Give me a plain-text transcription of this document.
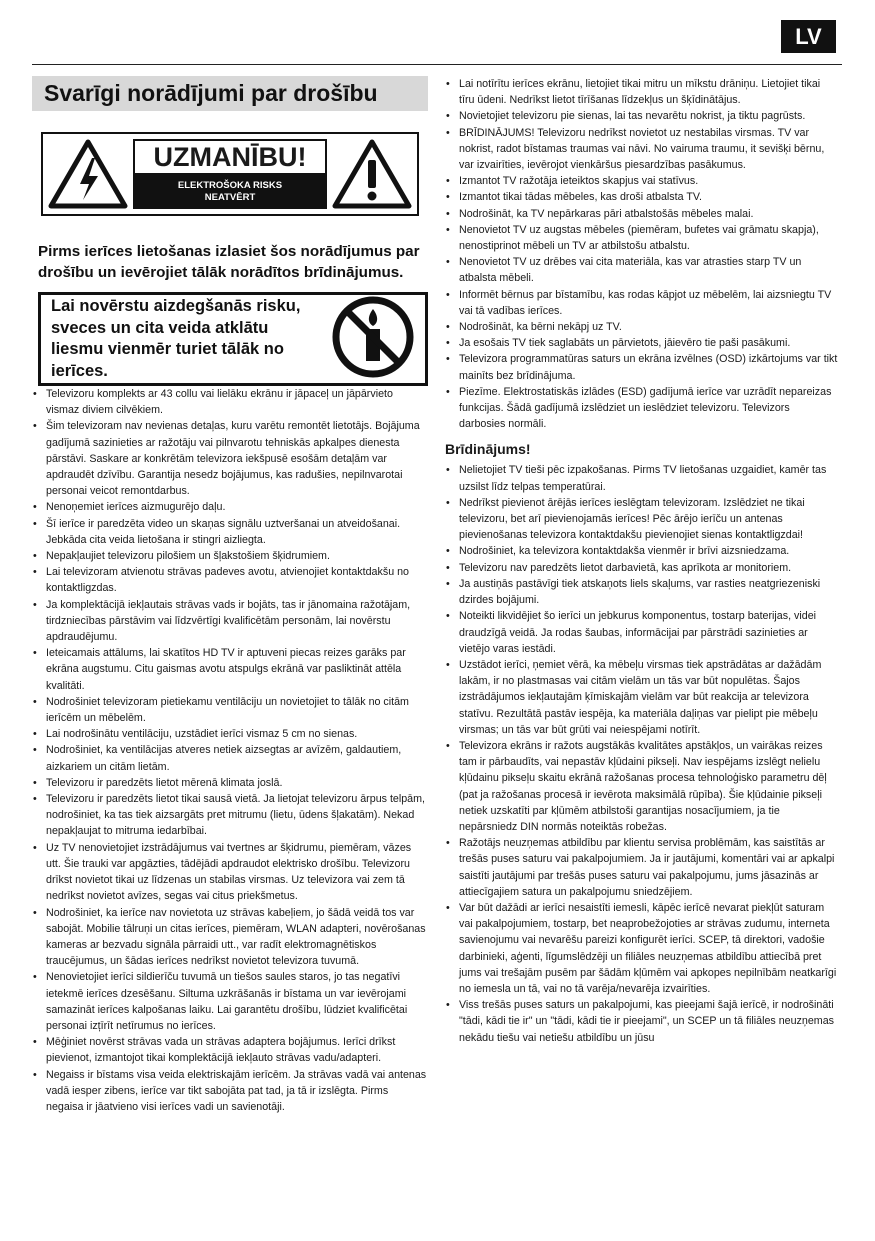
LV
Svarīgi norādījumi par drošību
UZMANĪBU!
ELEKTROŠOKA RISKS
NEATVĒRT
Pirms ierīces lietošanas izlasiet šos norādījumus par drošību un ievērojiet tālāk norādītos brīdinājumus.
Lai novērstu aizdegšanās risku, sveces un cita veida atklātu liesmu vienmēr turiet tālāk no ierīces.
• Televizoru komplekts ar 43 collu vai lielāku ekrānu ir jāpaceļ un jāpārvieto vismaz diviem cilvēkiem.
• Šim televizoram nav nevienas detaļas, kuru varētu remontēt lietotājs. Bojājuma gadījumā sazinieties ar ražotāju vai pilnvarotu tehniskās apkalpes dienesta pārstāvi. Saskare ar konkrētām televizora iekšpusē esošām detaļām var apdraudēt dzīvību. Garantija nesedz bojājumus, kas radušies, nepilnvarotai personai veicot remontdarbus.
• Nenoņemiet ierīces aizmugurējo daļu.
• Šī ierīce ir paredzēta video un skaņas signālu uztveršanai un atveidošanai. Jebkāda cita veida lietošana ir stingri aizliegta.
• Nepakļaujiet televizoru pilošiem un šļakstošiem šķidrumiem.
• Lai televizoram atvienotu strāvas padeves avotu, atvienojiet kontaktdakšu no kontaktligzdas.
• Ja komplektācijā iekļautais strāvas vads ir bojāts, tas ir jānomaina ražotājam, tirdzniecības pārstāvim vai līdzvērtīgi kvalificētām personām, lai novērstu apdraudējumu.
• Ieteicamais attālums, lai skatītos HD TV ir aptuveni piecas reizes garāks par ekrāna augstumu. Citu gaismas avotu atspulgs ekrānā var pasliktināt attēla kvalitāti.
• Nodrošiniet televizoram pietiekamu ventilāciju un novietojiet to tālāk no citām ierīcēm un mēbelēm.
• Lai nodrošinātu ventilāciju, uzstādiet ierīci vismaz 5 cm no sienas.
• Nodrošiniet, ka ventilācijas atveres netiek aizsegtas ar avīzēm, galdautiem, aizkariem un citām lietām.
• Televizoru ir paredzēts lietot mērenā klimata joslā.
• Televizoru ir paredzēts lietot tikai sausā vietā. Ja lietojat televizoru ārpus telpām, nodrošiniet, ka tas tiek aizsargāts pret mitrumu (lietu, ūdens šļakatām). Nekad nepakļaujat to mitruma iedarbībai.
• Uz TV nenovietojiet izstrādājumus vai tvertnes ar šķidrumu, piemēram, vāzes utt. Šie trauki var apgāzties, tādējādi apdraudot elektrisko drošību. Televizoru drīkst novietot tikai uz līdzenas un stabilas virsmas. Uz televizora vai zem tā nedrīkst novietot avīzes, segas vai citus priekšmetus.
• Nodrošiniet, ka ierīce nav novietota uz strāvas kabeļiem, jo šādā veidā tos var sabojāt. Mobilie tālruņi un citas ierīces, piemēram, WLAN adapteri, novērošanas kameras ar bezvadu signāla pārraidi utt., var radīt elektromagnētiskos traucējumus, un šādas ierīces nedrīkst novietot televizora tuvumā.
• Nenovietojiet ierīci sildierīču tuvumā un tiešos saules staros, jo tas negatīvi ietekmē ierīces dzesēšanu. Siltuma uzkrāšanās ir bīstama un var ievērojami samazināt ierīces kalpošanas laiku. Lai garantētu drošību, lūdziet kvalificētai personai izțīrīt netīrumus no ierīces.
• Mēģiniet novērst strāvas vada un strāvas adaptera bojājumus. Ierīci drīkst pievienot, izmantojot tikai komplektācijā iekļauto strāvas vadu/adapteri.
• Negaiss ir bīstams visa veida elektriskajām ierīcēm. Ja strāvas vadā vai antenas vadā iesper zibens, ierīce var tikt sabojāta pat tad, ja tā ir izslēgta. Pirms negaisa ir jāatvieno visi ierīces vadi un savienotāji.
• Lai notīrītu ierīces ekrānu, lietojiet tikai mitru un mīkstu drāniņu. Lietojiet tikai tīru ūdeni. Nedrīkst lietot tīrīšanas līdzekļus un šķīdinātājus.
• Novietojiet televizoru pie sienas, lai tas nevarētu nokrist, ja tiktu pagrūsts.
• BRĪDINĀJUMS! Televizoru nedrīkst novietot uz nestabilas virsmas. TV var nokrist, radot bīstamas traumas vai nāvi. No vairuma traumu, it sevišķi bērnu, var izvairīties, ievērojot vienkāršus piesardzības pasākumus.
• Izmantot TV ražotāja ieteiktos skapjus vai statīvus.
• Izmantot tikai tādas mēbeles, kas droši atbalsta TV.
• Nodrošināt, ka TV nepārkaras pāri atbalstošās mēbeles malai.
• Nenovietot TV uz augstas mēbeles (piemēram, bufetes vai grāmatu skapja), nenostiprinot mēbeli un TV ar atbilstošu atbalstu.
• Nenovietot TV uz drēbes vai cita materiāla, kas var atrasties starp TV un atbalsta mēbeli.
• Informēt bērnus par bīstamību, kas rodas kāpjot uz mēbelēm, lai aizsniegtu TV vai tā vadības ierīces.
• Nodrošināt, ka bērni nekāpj uz TV.
• Ja esošais TV tiek saglabāts un pārvietots, jāievēro tie paši pasākumi.
• Televizora programmatūras saturs un ekrāna izvēlnes (OSD) izkārtojums var tikt mainīts bez brīdinājuma.
• Piezīme. Elektrostatiskās izlādes (ESD) gadījumā ierīce var uzrādīt nepareizas funkcijas. Šādā gadījumā izslēdziet un ieslēdziet televizoru. Televizors darbosies normāli.
Brīdinājums!
• Nelietojiet TV tieši pēc izpakošanas. Pirms TV lietošanas uzgaidiet, kamēr tas uzsilst līdz telpas temperatūrai.
• Nedrīkst pievienot ārējās ierīces ieslēgtam televizoram. Izslēdziet ne tikai televizoru, bet arī pievienojamās ierīces! Pēc ārējo ierīču un antenas pievienošanas televizora kontaktdakšu pievienojiet sienas kontaktligzdai!
• Nodrošiniet, ka televizora kontaktdakša vienmēr ir brīvi aizsniedzama.
• Televizoru nav paredzēts lietot darbavietā, kas aprīkota ar monitoriem.
• Ja austiņās pastāvīgi tiek atskaņots liels skaļums, var rasties neatgriezeniski dzirdes bojājumi.
• Noteikti likvidējiet šo ierīci un jebkurus komponentus, tostarp baterijas, videi draudzīgā veidā. Ja rodas šaubas, informācijai par pārstrādi sazinieties ar vietējo varas iestādi.
• Uzstādot ierīci, ņemiet vērā, ka mēbeļu virsmas tiek apstrādātas ar dažādām lakām, ir no plastmasas vai citām vielām un tās var būt nopulētas. Šajos izstrādājumos iekļautajām ķīmiskajām vielām var būt reakcija ar televizora statīvu. Rezultātā pastāv iespēja, ka materiāla daļiņas var pielipt pie mēbeļu virsmas; un tās var būt grūti vai neiespējami notīrīt.
• Televizora ekrāns ir ražots augstākās kvalitātes apstākļos, un vairākas reizes tam ir pārbaudīts, vai nepastāv kļūdaini pikseļi. Nav iespējams izslēgt nelielu kļūdainu pikseļu skaitu ekrānā ražošanas procesa tehnoloģisko parametru dēļ (pat ja ražošanas procesā ir ievērota maksimālā rūpība). Šie kļūdainie pikseļi netiek uzskatīti par kļūmēm atbilstoši garantijas nosacījumiem, ja tie nepārsniedz DIN normās noteiktās robežas.
• Ražotājs neuzņemas atbildību par klientu servisa problēmām, kas saistītās ar trešās puses saturu vai pakalpojumiem. Ja ir jautājumi, komentāri vai ar apkalpi saistīti jautājumi par trešās puses saturu vai pakalpojumu, jums jāsazinās ar attiecīgajiem satura un pakalpojumu sniedzējiem.
• Var būt dažādi ar ierīci nesaistīti iemesli, kāpēc ierīcē nevarat piekļūt saturam vai pakalpojumiem, tostarp, bet neaprobežojoties ar strāvas zudumu, interneta savienojumu vai nevarēšu pareizi konfigurēt ierīci. SCEP, tā direktori, vadošie darbinieki, aģenti, līgumslēdzēji un filiāles neuzņemas atbildību attiecībā pret jums vai trešajām pusēm par šādām kļūmēm vai apkopes nepilnībām neatkarīgi no iemesla un tā, vai no tā varēja/nevarēja izvairīties.
• Viss trešās puses saturs un pakalpojumi, kas pieejami šajā ierīcē, ir nodrošināti "tādi, kādi tie ir" un "tādi, kādi tie ir pieejami", un SCEP un tā filiāles neuzņemas nekādu tiešu vai netiešu atbildību un jūsu
